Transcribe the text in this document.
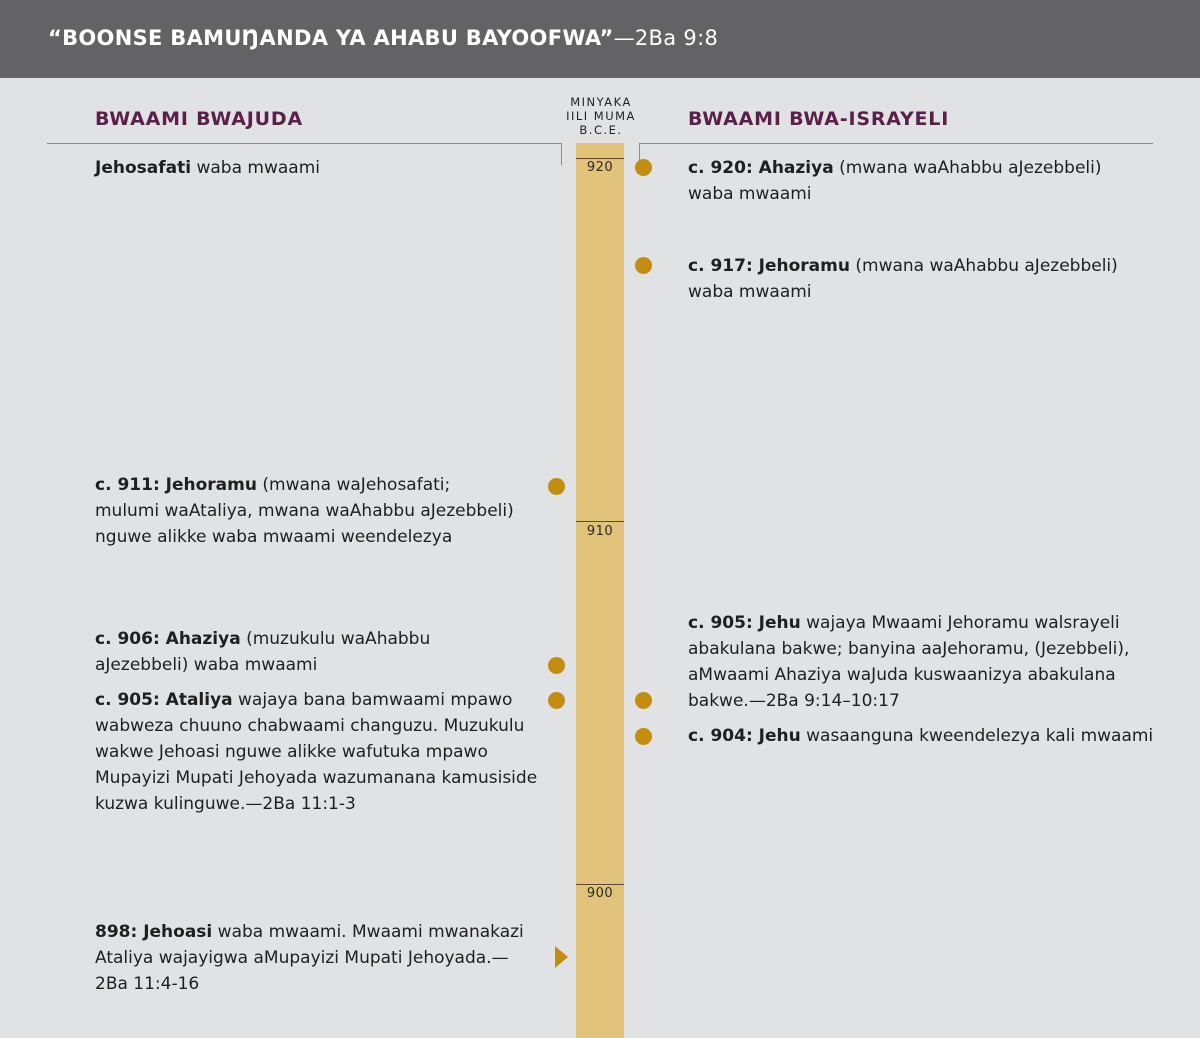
“BOONSE BAMUŊANDA YA AHABU BAYOOFWA”—2Ba 9:8
BWAAMI BWAJUDA	BWAAMI BWA-ISRAYELI
MINYAKA
IILI MUMA
B.C.E.
920
910
900
Jehosafati waba mwaami
c. 911: Jehoramu (mwana waJehosafati; mulumi waAtaliya, mwana waAhabbu aJezebbeli) nguwe alikke waba mwaami weendelezya
c. 906: Ahaziya (muzukulu waAhabbu aJezebbeli) waba mwaami
c. 905: Ataliya wajaya bana bamwaami mpawo wabweza chuuno chabwaami changuzu. Muzukulu wakwe Jehoasi nguwe alikke wafutuka mpawo Mupayizi Mupati Jehoyada wazumanana kamusiside kuzwa kulinguwe.—2Ba 11:1-3
898: Jehoasi waba mwaami. Mwaami mwanakazi Ataliya wajayigwa aMupayizi Mupati Jehoyada.—2Ba 11:4-16
c. 920: Ahaziya (mwana waAhabbu aJezebbeli) waba mwaami
c. 917: Jehoramu (mwana waAhabbu aJezebbeli) waba mwaami
c. 905: Jehu wajaya Mwaami Jehoramu walsrayeli abakulana bakwe; banyina aaJehoramu, (Jezebbeli), aMwaami Ahaziya waJuda kuswaanizya abakulana bakwe.—2Ba 9:14–10:17
c. 904: Jehu wasaanguna kweendelezya kali mwaami
